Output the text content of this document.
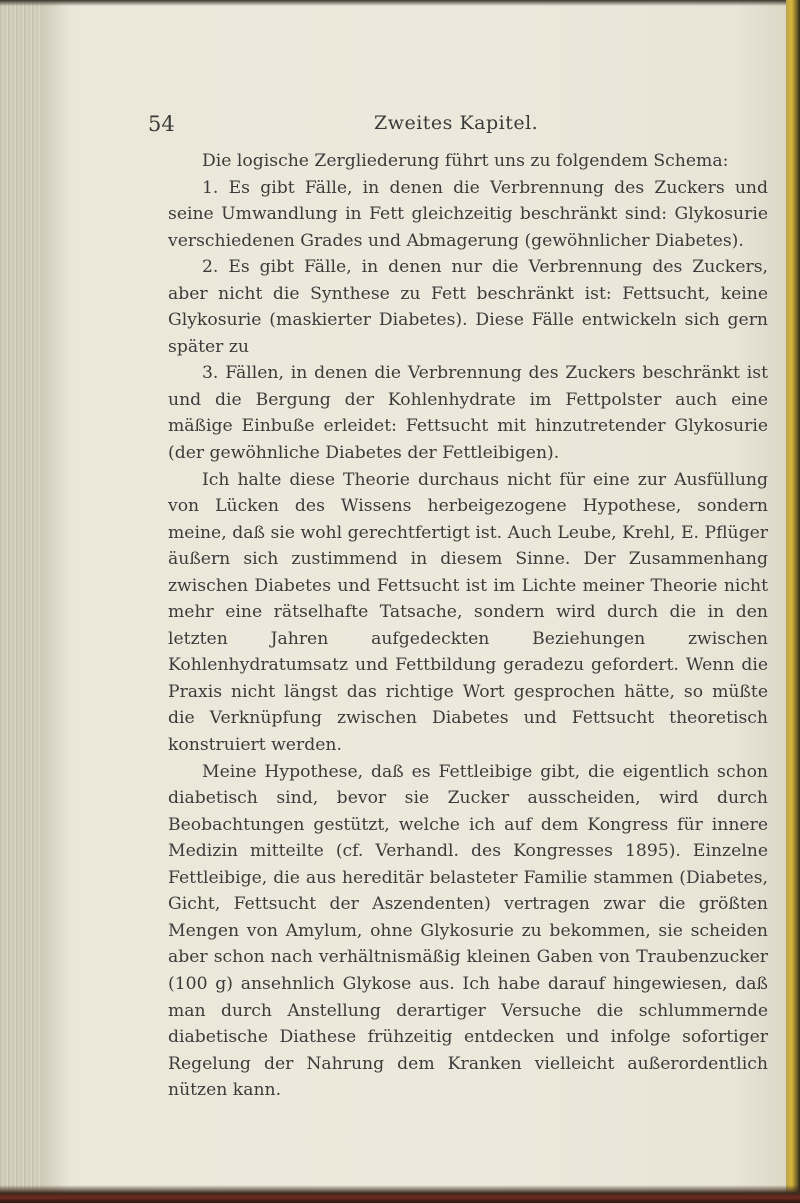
54	Zweites Kapitel.

Die logische Zergliederung führt uns zu folgendem Schema:

1. Es gibt Fälle, in denen die Verbrennung des Zuckers und seine Umwandlung in Fett gleichzeitig beschränkt sind: Glykosurie verschiedenen Grades und Abmagerung (gewöhnlicher Diabetes).

2. Es gibt Fälle, in denen nur die Verbrennung des Zuckers, aber nicht die Synthese zu Fett beschränkt ist: Fettsucht, keine Glykosurie (maskierter Diabetes). Diese Fälle entwickeln sich gern später zu

3. Fällen, in denen die Verbrennung des Zuckers beschränkt ist und die Bergung der Kohlenhydrate im Fettpolster auch eine mäßige Einbuße erleidet: Fettsucht mit hinzutretender Glykosurie (der gewöhnliche Diabetes der Fettleibigen).

Ich halte diese Theorie durchaus nicht für eine zur Ausfüllung von Lücken des Wissens herbeigezogene Hypothese, sondern meine, daß sie wohl gerechtfertigt ist. Auch Leube, Krehl, E. Pflüger äußern sich zustimmend in diesem Sinne. Der Zusammenhang zwischen Diabetes und Fettsucht ist im Lichte meiner Theorie nicht mehr eine rätselhafte Tatsache, sondern wird durch die in den letzten Jahren aufgedeckten Beziehungen zwischen Kohlenhydratumsatz und Fettbildung geradezu gefordert. Wenn die Praxis nicht längst das richtige Wort gesprochen hätte, so müßte die Verknüpfung zwischen Diabetes und Fettsucht theoretisch konstruiert werden.

Meine Hypothese, daß es Fettleibige gibt, die eigentlich schon diabetisch sind, bevor sie Zucker ausscheiden, wird durch Beobachtungen gestützt, welche ich auf dem Kongress für innere Medizin mitteilte (cf. Verhandl. des Kongresses 1895). Einzelne Fettleibige, die aus hereditär belasteter Familie stammen (Diabetes, Gicht, Fettsucht der Aszendenten) vertragen zwar die größten Mengen von Amylum, ohne Glykosurie zu bekommen, sie scheiden aber schon nach verhältnismäßig kleinen Gaben von Traubenzucker (100 g) ansehnlich Glykose aus. Ich habe darauf hingewiesen, daß man durch Anstellung derartiger Versuche die schlummernde diabetische Diathese frühzeitig entdecken und infolge sofortiger Regelung der Nahrung dem Kranken vielleicht außerordentlich nützen kann.
